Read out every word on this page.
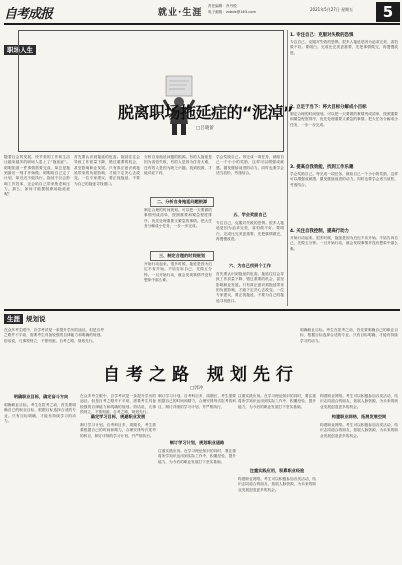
自考成报	就业·生涯
责任编辑：肖丹悦
电子邮箱：zxbdx@163.com	2021年5月27日 星期五	5
职场人生
脱离职场拖延症的“泥淖”
□吕晓蕾
随着社会的发展，快节奏的工作和生活让越来越多的职场人患上了“拖延症”。明明知道一件事情需要完成，却总是拖到最后一刻才开始做；明明给自己定了计划，却迟迟不能执行。拖延不仅会影响工作效率，还会给自己带来焦虑和压力。那么，如何才能摆脱职场拖延症呢？
首先要认识到拖延的危害。拖延往往会导致工作质量下降，错过重要的机会，甚至影响职业发展。只有真正意识到拖延带来的负面影响，才能下定决心去改变。一位专家建议，要正视拖延，不要为自己的拖延寻找借口。
分析自身拖延问题的根源。有的人拖延是因为害怕失败，有的人是因为任务太难，还有的人是因为缺乏兴趣。找到根源，才能对症下药。
二、分析自身拖延问题根源
制定合理的时间规划。可以把一天要做的事情列成清单，按照重要和紧急程度排序，优先处理重要又紧急的事情。把大任务分解成小任务，一步一步完成。
三、制定合理的时间规划
开始行动起来。很多时候，拖延是因为迟迟不肯开始。不妨告诉自己，先做五分钟。一旦开始行动，就会发现事情并没有想象中那么难。
学会奖励自己。每完成一项任务，就给自己一个小小的奖励，这样可以增强成就感，激发继续前进的动力。同时也要学会适当放松，劳逸结合。
五、学会奖励自己
专注自己，克服对失败的恐惧。很多人拖延是因为追求完美，害怕做不好。要明白，完成比完美更重要，先把事情做完，再慢慢改进。
六、为自己找到个工作
首先要认识到拖延的危害。拖延往往会导致工作质量下降，错过重要的机会，甚至影响职业发展。只有真正意识到拖延带来的负面影响，才能下定决心去改变。一位专家建议，要正视拖延，不要为自己的拖延寻找借口。
1. 专注自己：克服对失败的恐惧
专注自己，克服对失败的恐惧。很多人拖延是因为追求完美，害怕做不好。要明白，完成比完美更重要，先把事情做完，再慢慢改进。
2. 立足于当下：将大目标分解成小目标
制定合理的时间规划。可以把一天要做的事情列成清单，按照重要和紧急程度排序，优先处理重要又紧急的事情。把大任务分解成小任务，一步一步完成。
3. 提高自我效能，找到工作乐趣
学会奖励自己。每完成一项任务，就给自己一个小小的奖励，这样可以增强成就感，激发继续前进的动力。同时也要学会适当放松，劳逸结合。
4. 关注自我控制，提高行动力
开始行动起来。很多时候，拖延是因为迟迟不肯开始。不妨告诉自己，先做五分钟。一旦开始行动，就会发现事情并没有想象中那么难。
生涯 规划说
在众多考生眼中，自学考试是一条提升学历的途径。但是自考之路并不平坦，需要考生具备较强的自律能力和明确的规划。俗话说，凡事预则立，不预则废。自考之路，规划先行。
明确职业目标。考生在报考之前，首先要明确自己的职业目标，根据目标选择合适的专业。只有目标明确，才能有持续学习的动力。
自考之路 规划先行
□郭冲
明确职业目标，确定奋斗方向
明确职业目标。考生在报考之前，首先要明确自己的职业目标，根据目标选择合适的专业。只有目标明确，才能有持续学习的动力。
确定学习目标，规避职业发展
在众多考生眼中，自学考试是一条提升学历的途径。但是自考之路并不平坦，需要考生具备较强的自律能力和明确的规划。俗话说，凡事预则立，不预则废。自考之路，规划先行。
制订学习计划。自考科目多、周期长，考生需要根据自己的时间和精力，合理安排每次报考的科目，制订详细的学习计划，并严格执行。
制订学习计划，规划职业道路
制订学习计划。自考科目多、周期长，考生需要根据自己的时间和精力，合理安排每次报考的科目，制订详细的学习计划，并严格执行。
注重实践应用。在学习理论知识的同时，要注重将所学知识运用到实际工作中，积累经验，提升能力，为今后的职业发展打下坚实基础。
注重实践应用，积累职业经验
注重实践应用。在学习理论知识的同时，要注重将所学知识运用到实际工作中，积累经验，提升能力，为今后的职业发展打下坚实基础。
构建职业网络。考生可以积极参加各类活动，结识志同道合的朋友，拓展人脉资源，为未来的职业发展创造更多的机会。
构建职业网络，拓展发展空间
构建职业网络。考生可以积极参加各类活动，结识志同道合的朋友，拓展人脉资源，为未来的职业发展创造更多的机会。
构建职业网络。考生可以积极参加各类活动，结识志同道合的朋友，拓展人脉资源，为未来的职业发展创造更多的机会。
